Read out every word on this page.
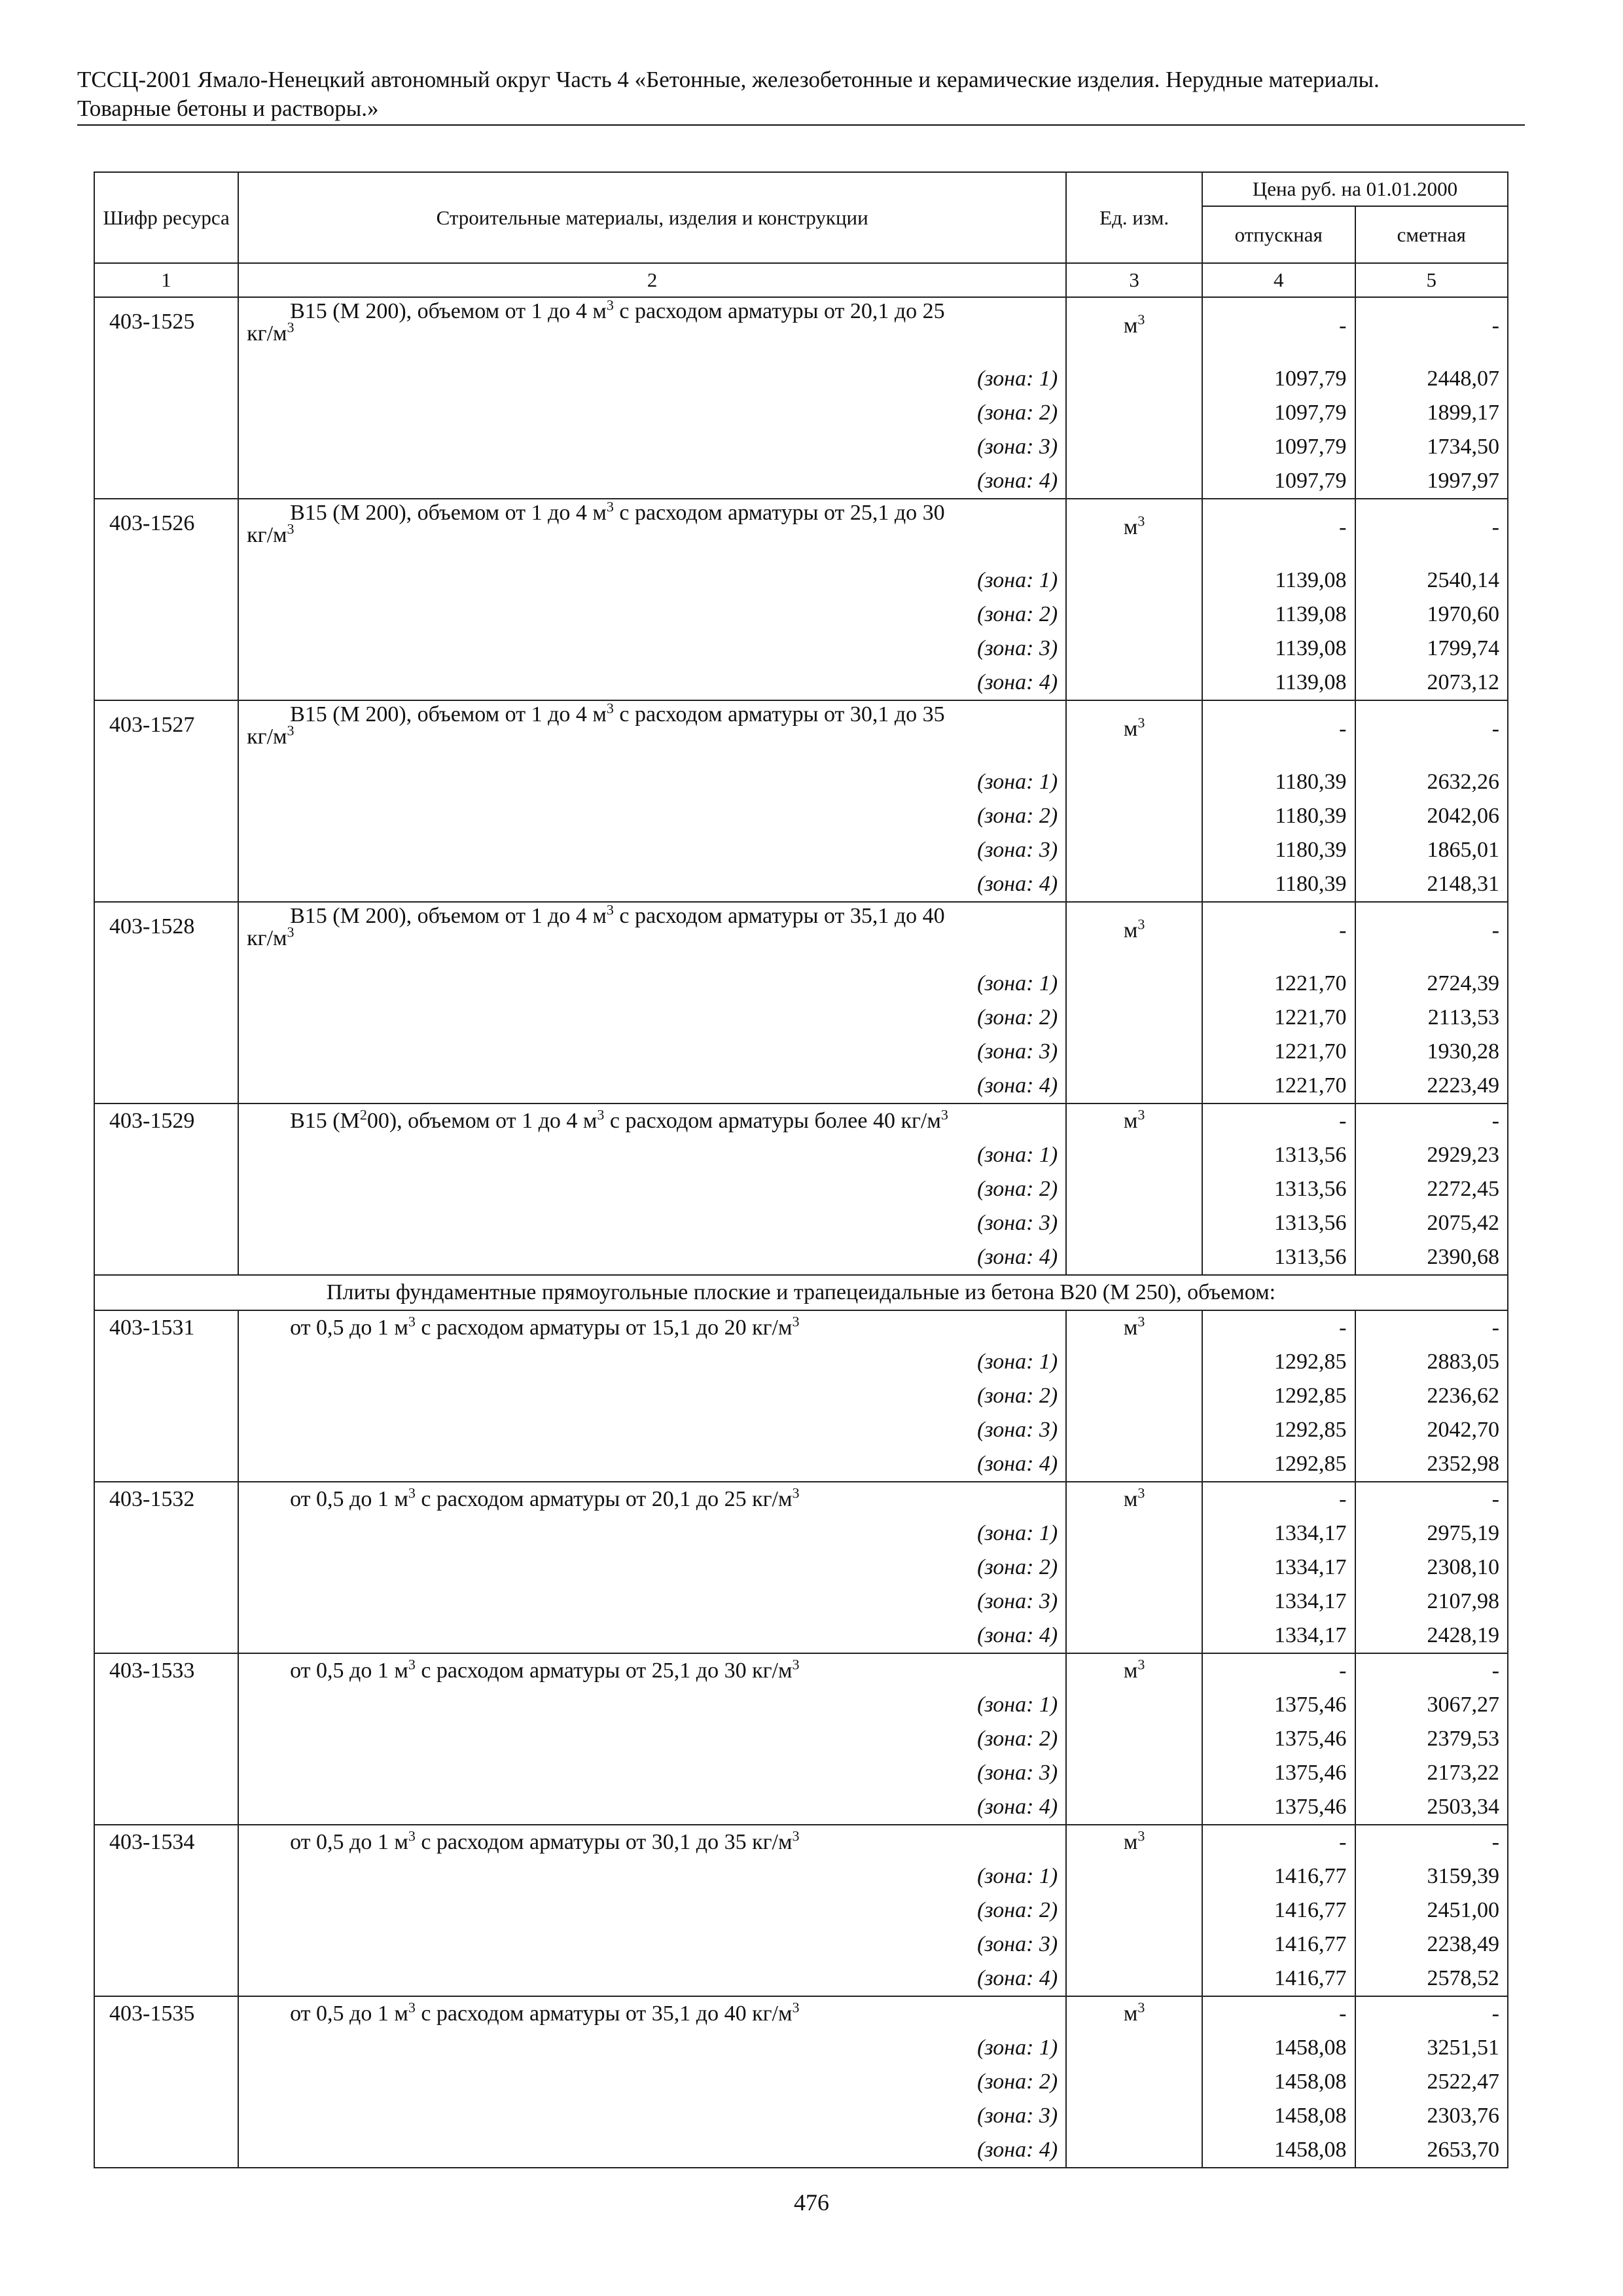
ТССЦ-2001 Ямало-Ненецкий автономный округ Часть 4 «Бетонные, железобетонные и керамические изделия. Нерудные материалы.
Товарные бетоны и растворы.»
Шифр ресурса	Строительные материалы, изделия и конструкции	Ед. изм.	Цена руб. на 01.01.2000	
			отпускная	сметная
1	2	3	4	5
403-1525	В15 (М 200), объемом от 1 до 4 $м^3$ с расходом арматуры от 20,1 до 25
$кг/м^3$	$м^3$	-	-
	(зона: 1)		1097,79	2448,07
	(зона: 2)		1097,79	1899,17
	(зона: 3)		1097,79	1734,50
	(зона: 4)		1097,79	1997,97
403-1526	В15 (М 200), объемом от 1 до 4 $м^3$ с расходом арматуры от 25,1 до 30
$кг/м^3$	$м^3$	-	-
	(зона: 1)		1139,08	2540,14
	(зона: 2)		1139,08	1970,60
	(зона: 3)		1139,08	1799,74
	(зона: 4)		1139,08	2073,12
403-1527	В15 (М 200), объемом от 1 до 4 $м^3$ с расходом арматуры от 30,1 до 35
$кг/м^3$	$м^3$	-	-
	(зона: 1)		1180,39	2632,26
	(зона: 2)		1180,39	2042,06
	(зона: 3)		1180,39	1865,01
	(зона: 4)		1180,39	2148,31
403-1528	В15 (М 200), объемом от 1 до 4 $м^3$ с расходом арматуры от 35,1 до 40
$кг/м^3$	$м^3$	-	-
	(зона: 1)		1221,70	2724,39
	(зона: 2)		1221,70	2113,53
	(зона: 3)		1221,70	1930,28
	(зона: 4)		1221,70	2223,49
403-1529	В15 $(М^200)$, объемом от 1 до 4 $м^3$ с расходом арматуры более 40 $кг/м^3$	$м^3$	-	-
	(зона: 1)		1313,56	2929,23
	(зона: 2)		1313,56	2272,45
	(зона: 3)		1313,56	2075,42
	(зона: 4)		1313,56	2390,68
Плиты фундаментные прямоугольные плоские и трапецеидальные из бетона В20 (М 250), объемом:				
403-1531	от 0,5 до 1 $м^3$ с расходом арматуры от 15,1 до 20 $кг/м^3$	$м^3$	-	-
	(зона: 1)		1292,85	2883,05
	(зона: 2)		1292,85	2236,62
	(зона: 3)		1292,85	2042,70
	(зона: 4)		1292,85	2352,98
403-1532	от 0,5 до 1 $м^3$ с расходом арматуры от 20,1 до 25 $кг/м^3$	$м^3$	-	-
	(зона: 1)		1334,17	2975,19
	(зона: 2)		1334,17	2308,10
	(зона: 3)		1334,17	2107,98
	(зона: 4)		1334,17	2428,19
403-1533	от 0,5 до 1 $м^3$ с расходом арматуры от 25,1 до 30 $кг/м^3$	$м^3$	-	-
	(зона: 1)		1375,46	3067,27
	(зона: 2)		1375,46	2379,53
	(зона: 3)		1375,46	2173,22
	(зона: 4)		1375,46	2503,34
403-1534	от 0,5 до 1 $м^3$ с расходом арматуры от 30,1 до 35 $кг/м^3$	$м^3$	-	-
	(зона: 1)		1416,77	3159,39
	(зона: 2)		1416,77	2451,00
	(зона: 3)		1416,77	2238,49
	(зона: 4)		1416,77	2578,52
403-1535	от 0,5 до 1 $м^3$ с расходом арматуры от 35,1 до 40 $кг/м^3$	$м^3$	-	-
	(зона: 1)		1458,08	3251,51
	(зона: 2)		1458,08	2522,47
	(зона: 3)		1458,08	2303,76
	(зона: 4)		1458,08	2653,70
476
